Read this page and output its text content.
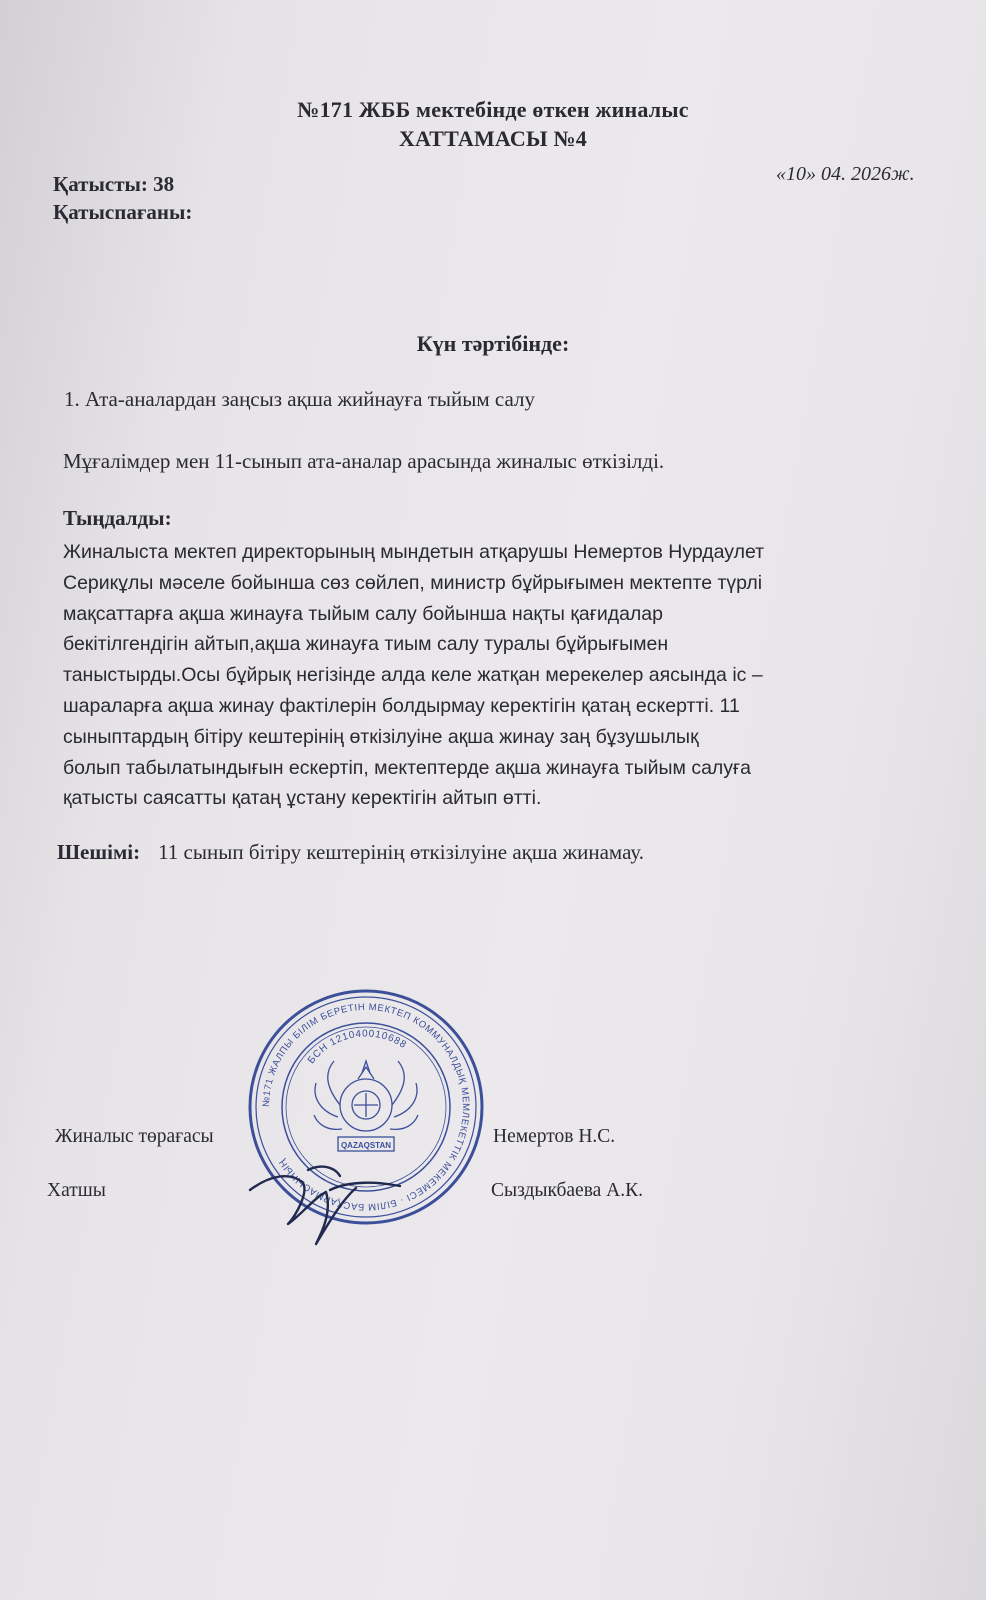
№171 ЖББ мектебінде өткен жиналыс

ХАТТАМАСЫ №4

Қатысты: 38

Қатыспағаны:

«10» 04. 2026ж.

Күн тәртібінде:

1. Ата-аналардан заңсыз ақша жийнауға тыйым салу

Мұғалімдер мен 11-сынып ата-аналар арасында жиналыс өткізілді.

Тыңдалды:

Жиналыста мектеп директорының мындетын атқарушы Немертов Нурдаулет
Серикұлы мәселе бойынша сөз сөйлеп, министр бұйрығымен мектепте түрлі
мақсаттарға ақша жинауға тыйым салу бойынша нақты қағидалар
бекітілгендігін айтып,ақша жинауға тиым салу туралы бұйрығымен
таныстырды.Осы бұйрық негізінде алда келе жатқан мерекелер аясында іс –
шараларға ақша жинау фактілерін болдырмау керектігін қатаң ескертті. 11
сыныптардың бітіру кештерінің өткізілуіне ақша жинау заң бұзушылық
болып табылатындығын ескертіп, мектептерде ақша жинауға тыйым салуға
қатысты саясатты қатаң ұстану керектігін айтып өтті.

Шешімі: 11 сынып бітіру кештерінің өткізілуіне ақша жинамау.

№171 ЖАЛПЫ БІЛІМ БЕРЕТІН МЕКТЕП КОММУНАЛДЫҚ МЕМЛЕКЕТТІК МЕКЕМЕСІ · БІЛІМ БАСҚАРМАСЫНЫҢ
БСН 121040010688
QAZAQSTAN

Жиналыс төрағасы	Немертов Н.С.

Хатшы	Сыздыкбаева А.К.
